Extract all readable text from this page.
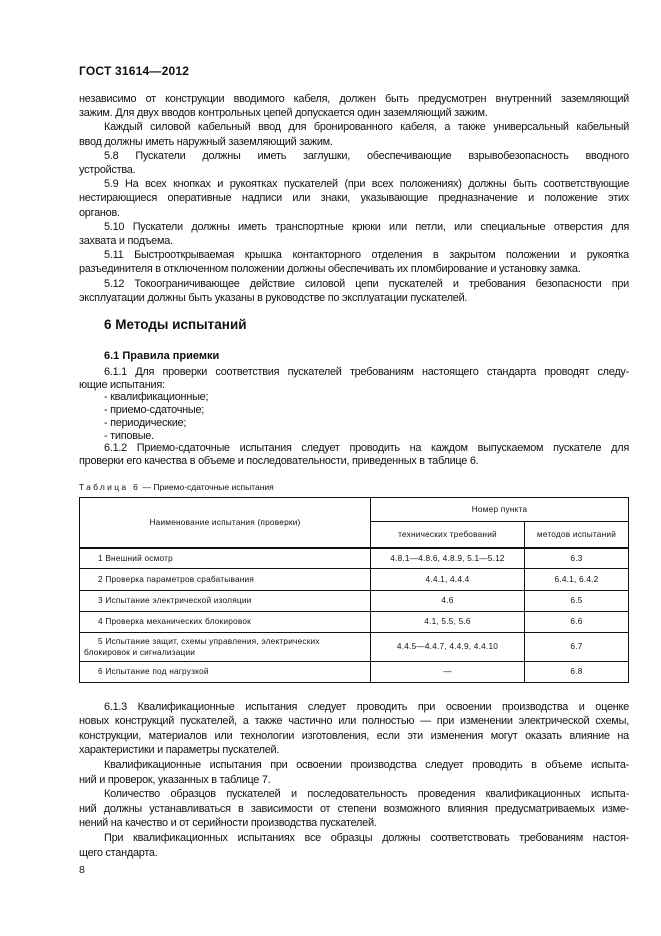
ГОСТ 31614—2012
независимо от конструкции вводимого кабеля, должен быть предусмотрен внутренний заземляющий
зажим. Для двух вводов контрольных цепей допускается один заземляющий зажим.
Каждый силовой кабельный ввод для бронированного кабеля, а также универсальный кабельный
ввод должны иметь наружный заземляющий зажим.
5.8 Пускатели должны иметь заглушки, обеспечивающие взрывобезопасность вводного
устройства.
5.9 На всех кнопках и рукоятках пускателей (при всех положениях) должны быть соответствующие
нестирающиеся оперативные надписи или знаки, указывающие предназначение и положение этих
органов.
5.10 Пускатели должны иметь транспортные крюки или петли, или специальные отверстия для
захвата и подъема.
5.11 Быстрооткрываемая крышка контакторного отделения в закрытом положении и рукоятка
разъединителя в отключенном положении должны обеспечивать их пломбирование и установку замка.
5.12 Токоограничивающее действие силовой цепи пускателей и требования безопасности при
эксплуатации должны быть указаны в руководстве по эксплуатации пускателей.
6 Методы испытаний
6.1 Правила приемки
6.1.1 Для проверки соответствия пускателей требованиям настоящего стандарта проводят следу-
ющие испытания:
- квалификационные;
- приемо-сдаточные;
- периодические;
- типовые.
6.1.2 Приемо-сдаточные испытания следует проводить на каждом выпускаемом пускателе для
проверки его качества в объеме и последовательности, приведенных в таблице 6.
Таблица 6 — Приемо-сдаточные испытания
Наименование испытания (проверки)	Номер пункта	
	технических требований	методов испытаний
1 Внешний осмотр	4.8.1—4.8.6, 4.8.9, 5.1—5.12	6.3
2 Проверка параметров срабатывания	4.4.1, 4.4.4	6.4.1, 6.4.2
3 Испытание электрической изоляции	4.6	6.5
4 Проверка механических блокировок	4.1, 5.5, 5.6	6.6
5 Испытание защит, схемы управления, электрических блокировок и сигнализации	4.4.5—4.4.7, 4.4.9, 4.4.10	6.7
6 Испытание под нагрузкой	—	6.8
6.1.3 Квалификационные испытания следует проводить при освоении производства и оценке
новых конструкций пускателей, а также частично или полностью — при изменении электрической схемы,
конструкции, материалов или технологии изготовления, если эти изменения могут оказать влияние на
характеристики и параметры пускателей.
Квалификационные испытания при освоении производства следует проводить в объеме испыта-
ний и проверок, указанных в таблице 7.
Количество образцов пускателей и последовательность проведения квалификационных испыта-
ний должны устанавливаться в зависимости от степени возможного влияния предусматриваемых изме-
нений на качество и от серийности производства пускателей.
При квалификационных испытаниях все образцы должны соответствовать требованиям настоя-
щего стандарта.
8
